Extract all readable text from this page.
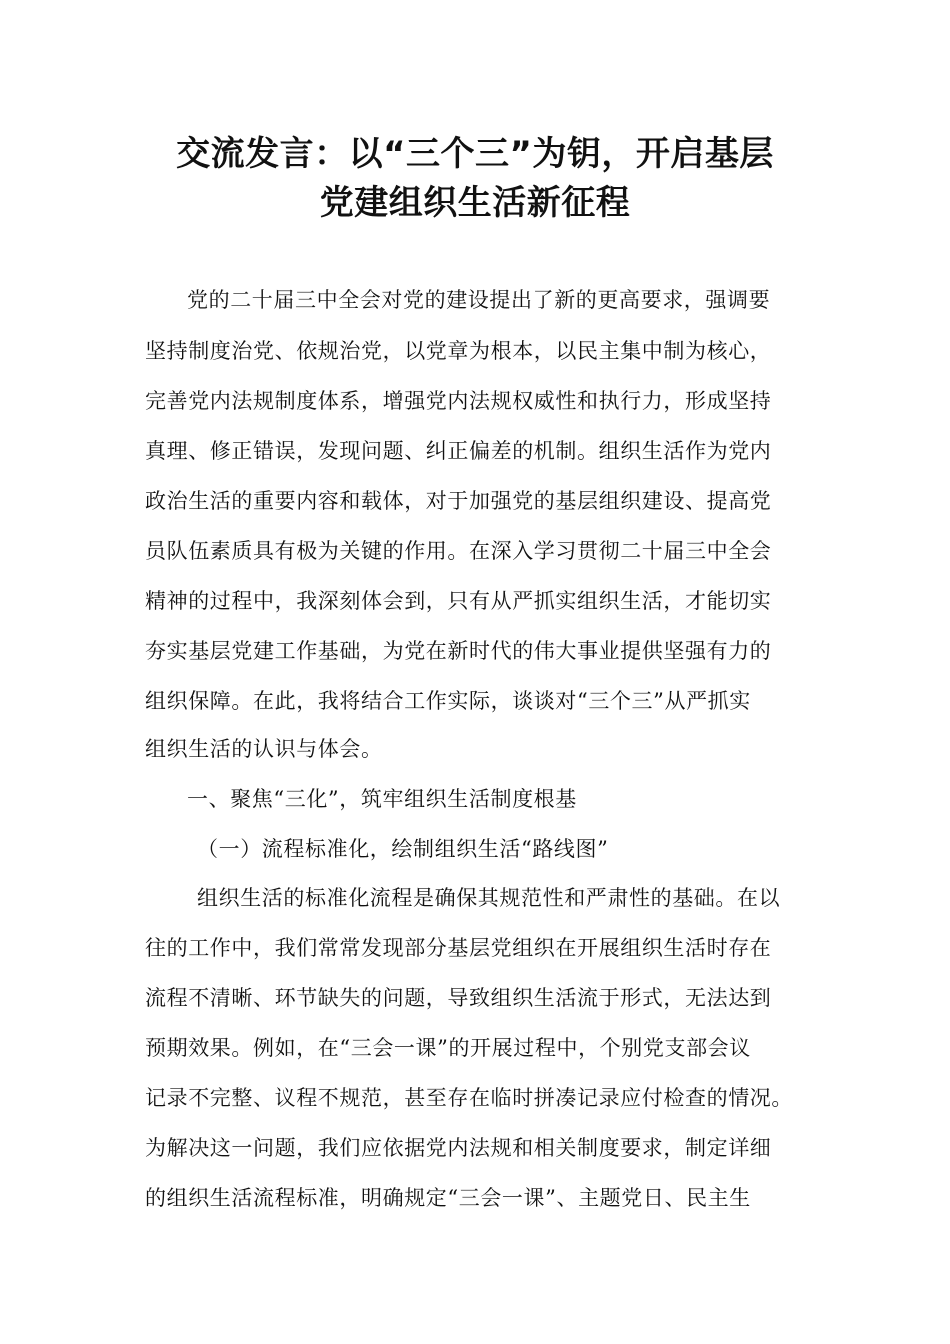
交流发言：以“三个三”为钥，开启基层
党建组织生活新征程
党的二十届三中全会对党的建设提出了新的更高要求，强调要
坚持制度治党、依规治党，以党章为根本，以民主集中制为核心，
完善党内法规制度体系，增强党内法规权威性和执行力，形成坚持
真理、修正错误，发现问题、纠正偏差的机制。组织生活作为党内
政治生活的重要内容和载体，对于加强党的基层组织建设、提高党
员队伍素质具有极为关键的作用。在深入学习贯彻二十届三中全会
精神的过程中，我深刻体会到，只有从严抓实组织生活，才能切实
夯实基层党建工作基础，为党在新时代的伟大事业提供坚强有力的
组织保障。在此，我将结合工作实际，谈谈对“三个三”从严抓实
组织生活的认识与体会。
一、聚焦“三化”，筑牢组织生活制度根基
（一）流程标准化，绘制组织生活“路线图”
组织生活的标准化流程是确保其规范性和严肃性的基础。在以
往的工作中，我们常常发现部分基层党组织在开展组织生活时存在
流程不清晰、环节缺失的问题，导致组织生活流于形式，无法达到
预期效果。例如，在“三会一课”的开展过程中，个别党支部会议
记录不完整、议程不规范，甚至存在临时拼凑记录应付检查的情况。
为解决这一问题，我们应依据党内法规和相关制度要求，制定详细
的组织生活流程标准，明确规定“三会一课”、主题党日、民主生
